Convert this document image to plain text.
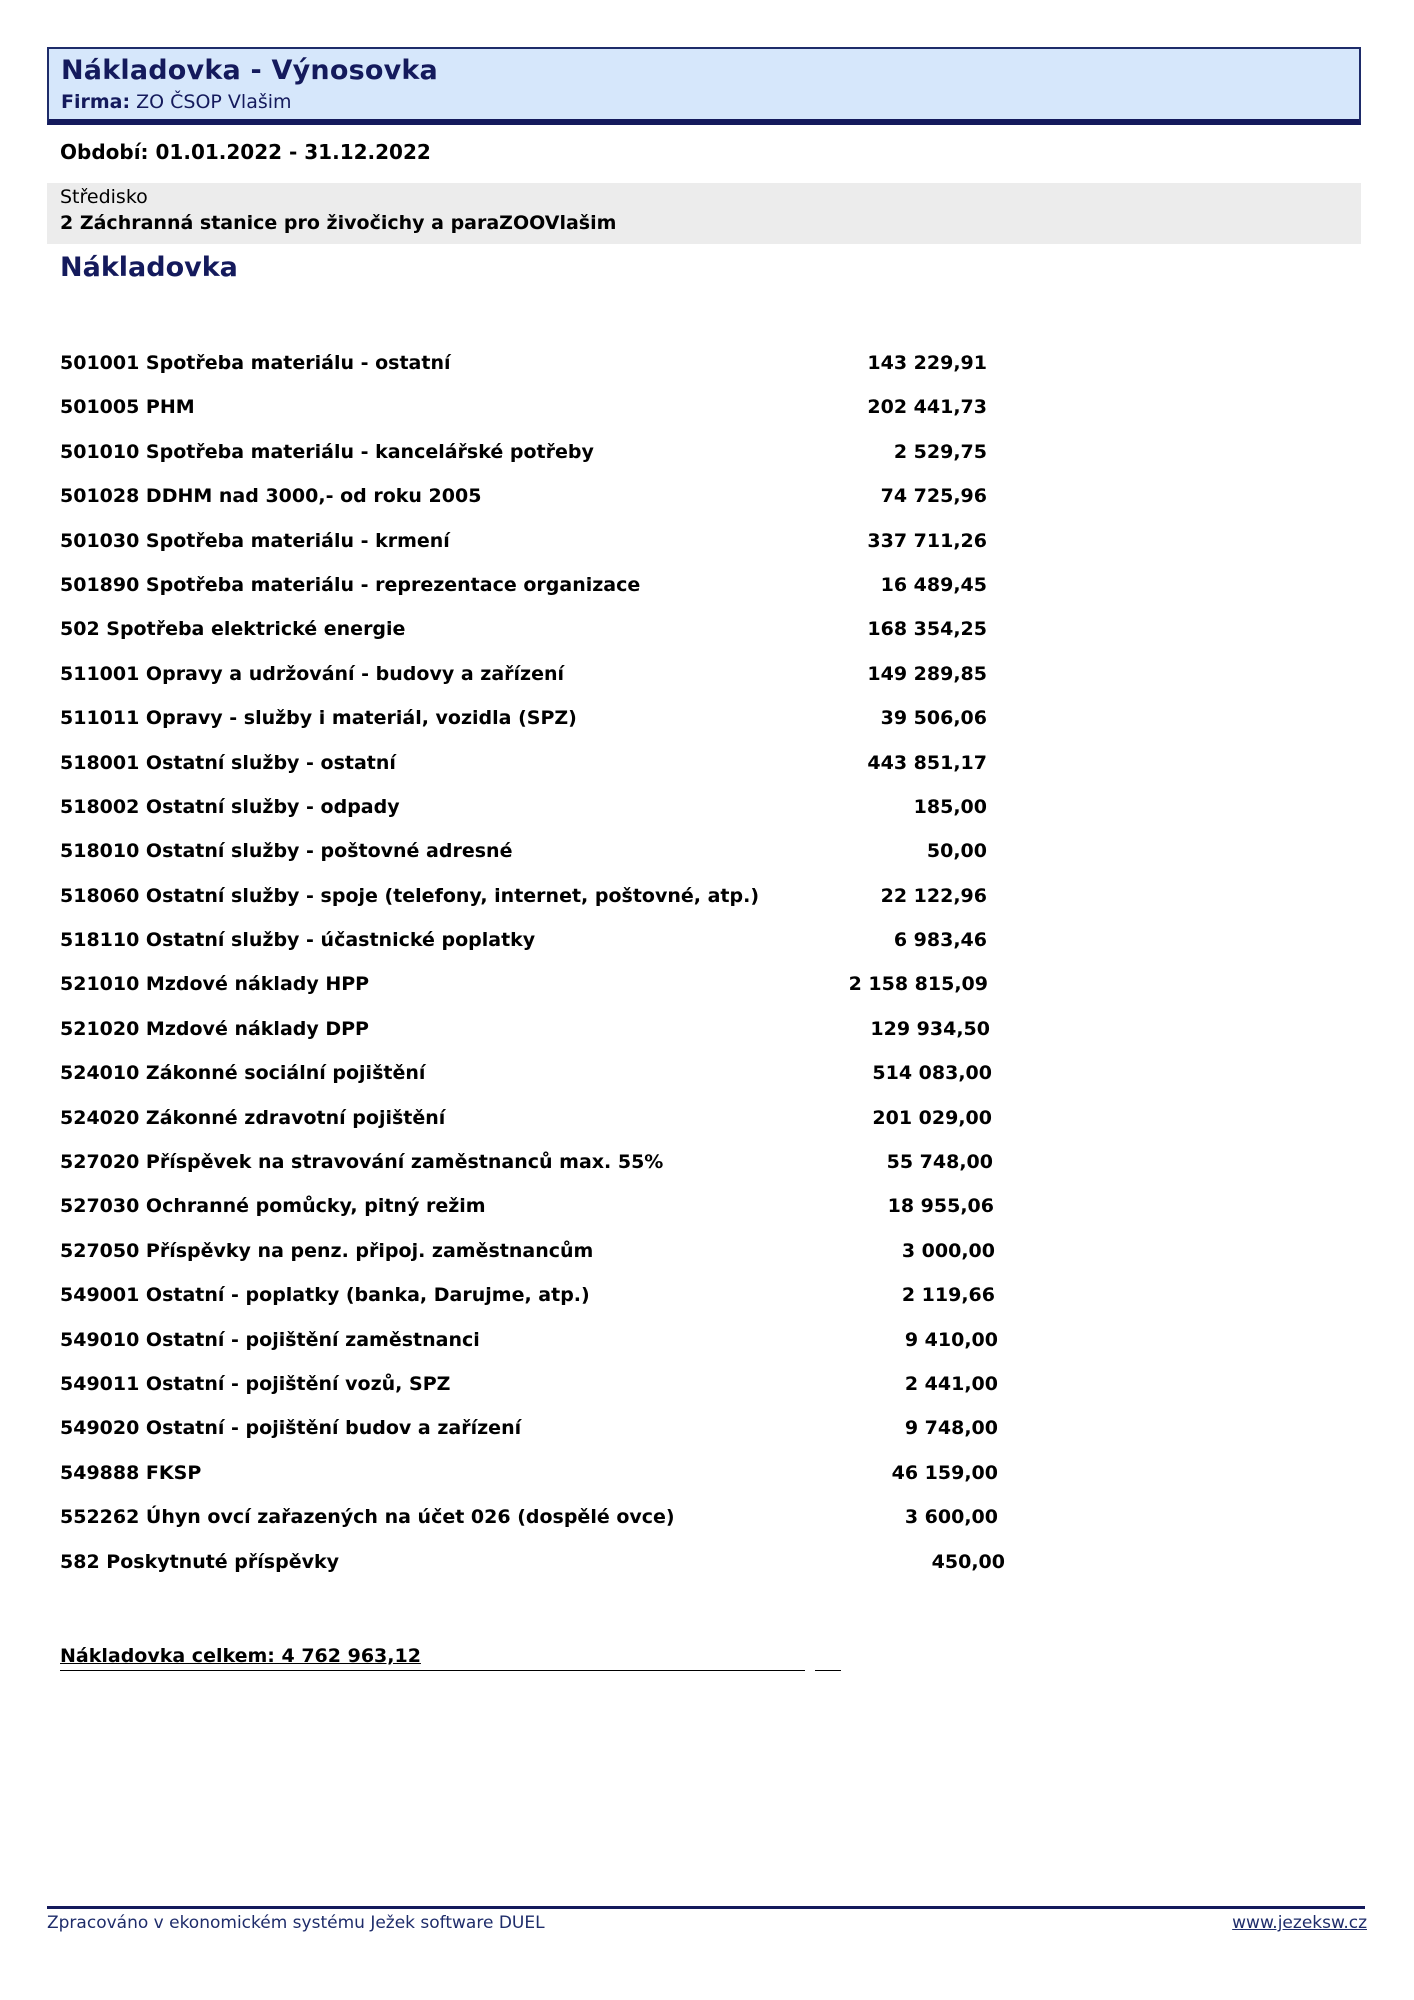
Nákladovka - Výnosovka
Firma: ZO ČSOP Vlašim
Období: 01.01.2022 - 31.12.2022
Středisko
2 Záchranná stanice pro živočichy a paraZOOVlašim
Nákladovka
501001 Spotřeba materiálu - ostatní	143 229,91
501005 PHM	202 441,73
501010 Spotřeba materiálu - kancelářské potřeby	2 529,75
501028 DDHM nad 3000,- od roku 2005	74 725,96
501030 Spotřeba materiálu - krmení	337 711,26
501890 Spotřeba materiálu - reprezentace organizace	16 489,45
502 Spotřeba elektrické energie	168 354,25
511001 Opravy a udržování - budovy a zařízení	149 289,85
511011 Opravy - služby i materiál, vozidla (SPZ)	39 506,06
518001 Ostatní služby - ostatní	443 851,17
518002 Ostatní služby - odpady	185,00
518010 Ostatní služby - poštovné adresné	50,00
518060 Ostatní služby - spoje (telefony, internet, poštovné, atp.)	22 122,96
518110 Ostatní služby - účastnické poplatky	6 983,46
521010 Mzdové náklady HPP	2 158 815,09
521020 Mzdové náklady DPP	129 934,50
524010 Zákonné sociální pojištění	514 083,00
524020 Zákonné zdravotní pojištění	201 029,00
527020 Příspěvek na stravování zaměstnanců max. 55%	55 748,00
527030 Ochranné pomůcky, pitný režim	18 955,06
527050 Příspěvky na penz. připoj. zaměstnancům	3 000,00
549001 Ostatní - poplatky (banka, Darujme, atp.)	2 119,66
549010 Ostatní - pojištění zaměstnanci	9 410,00
549011 Ostatní - pojištění vozů, SPZ	2 441,00
549020 Ostatní - pojištění budov a zařízení	9 748,00
549888 FKSP	46 159,00
552262 Úhyn ovcí zařazených na účet 026 (dospělé ovce)	3 600,00
582 Poskytnuté příspěvky	450,00
Nákladovka celkem: 4 762 963,12
Zpracováno v ekonomickém systému Ježek software DUEL	www.jezeksw.cz
